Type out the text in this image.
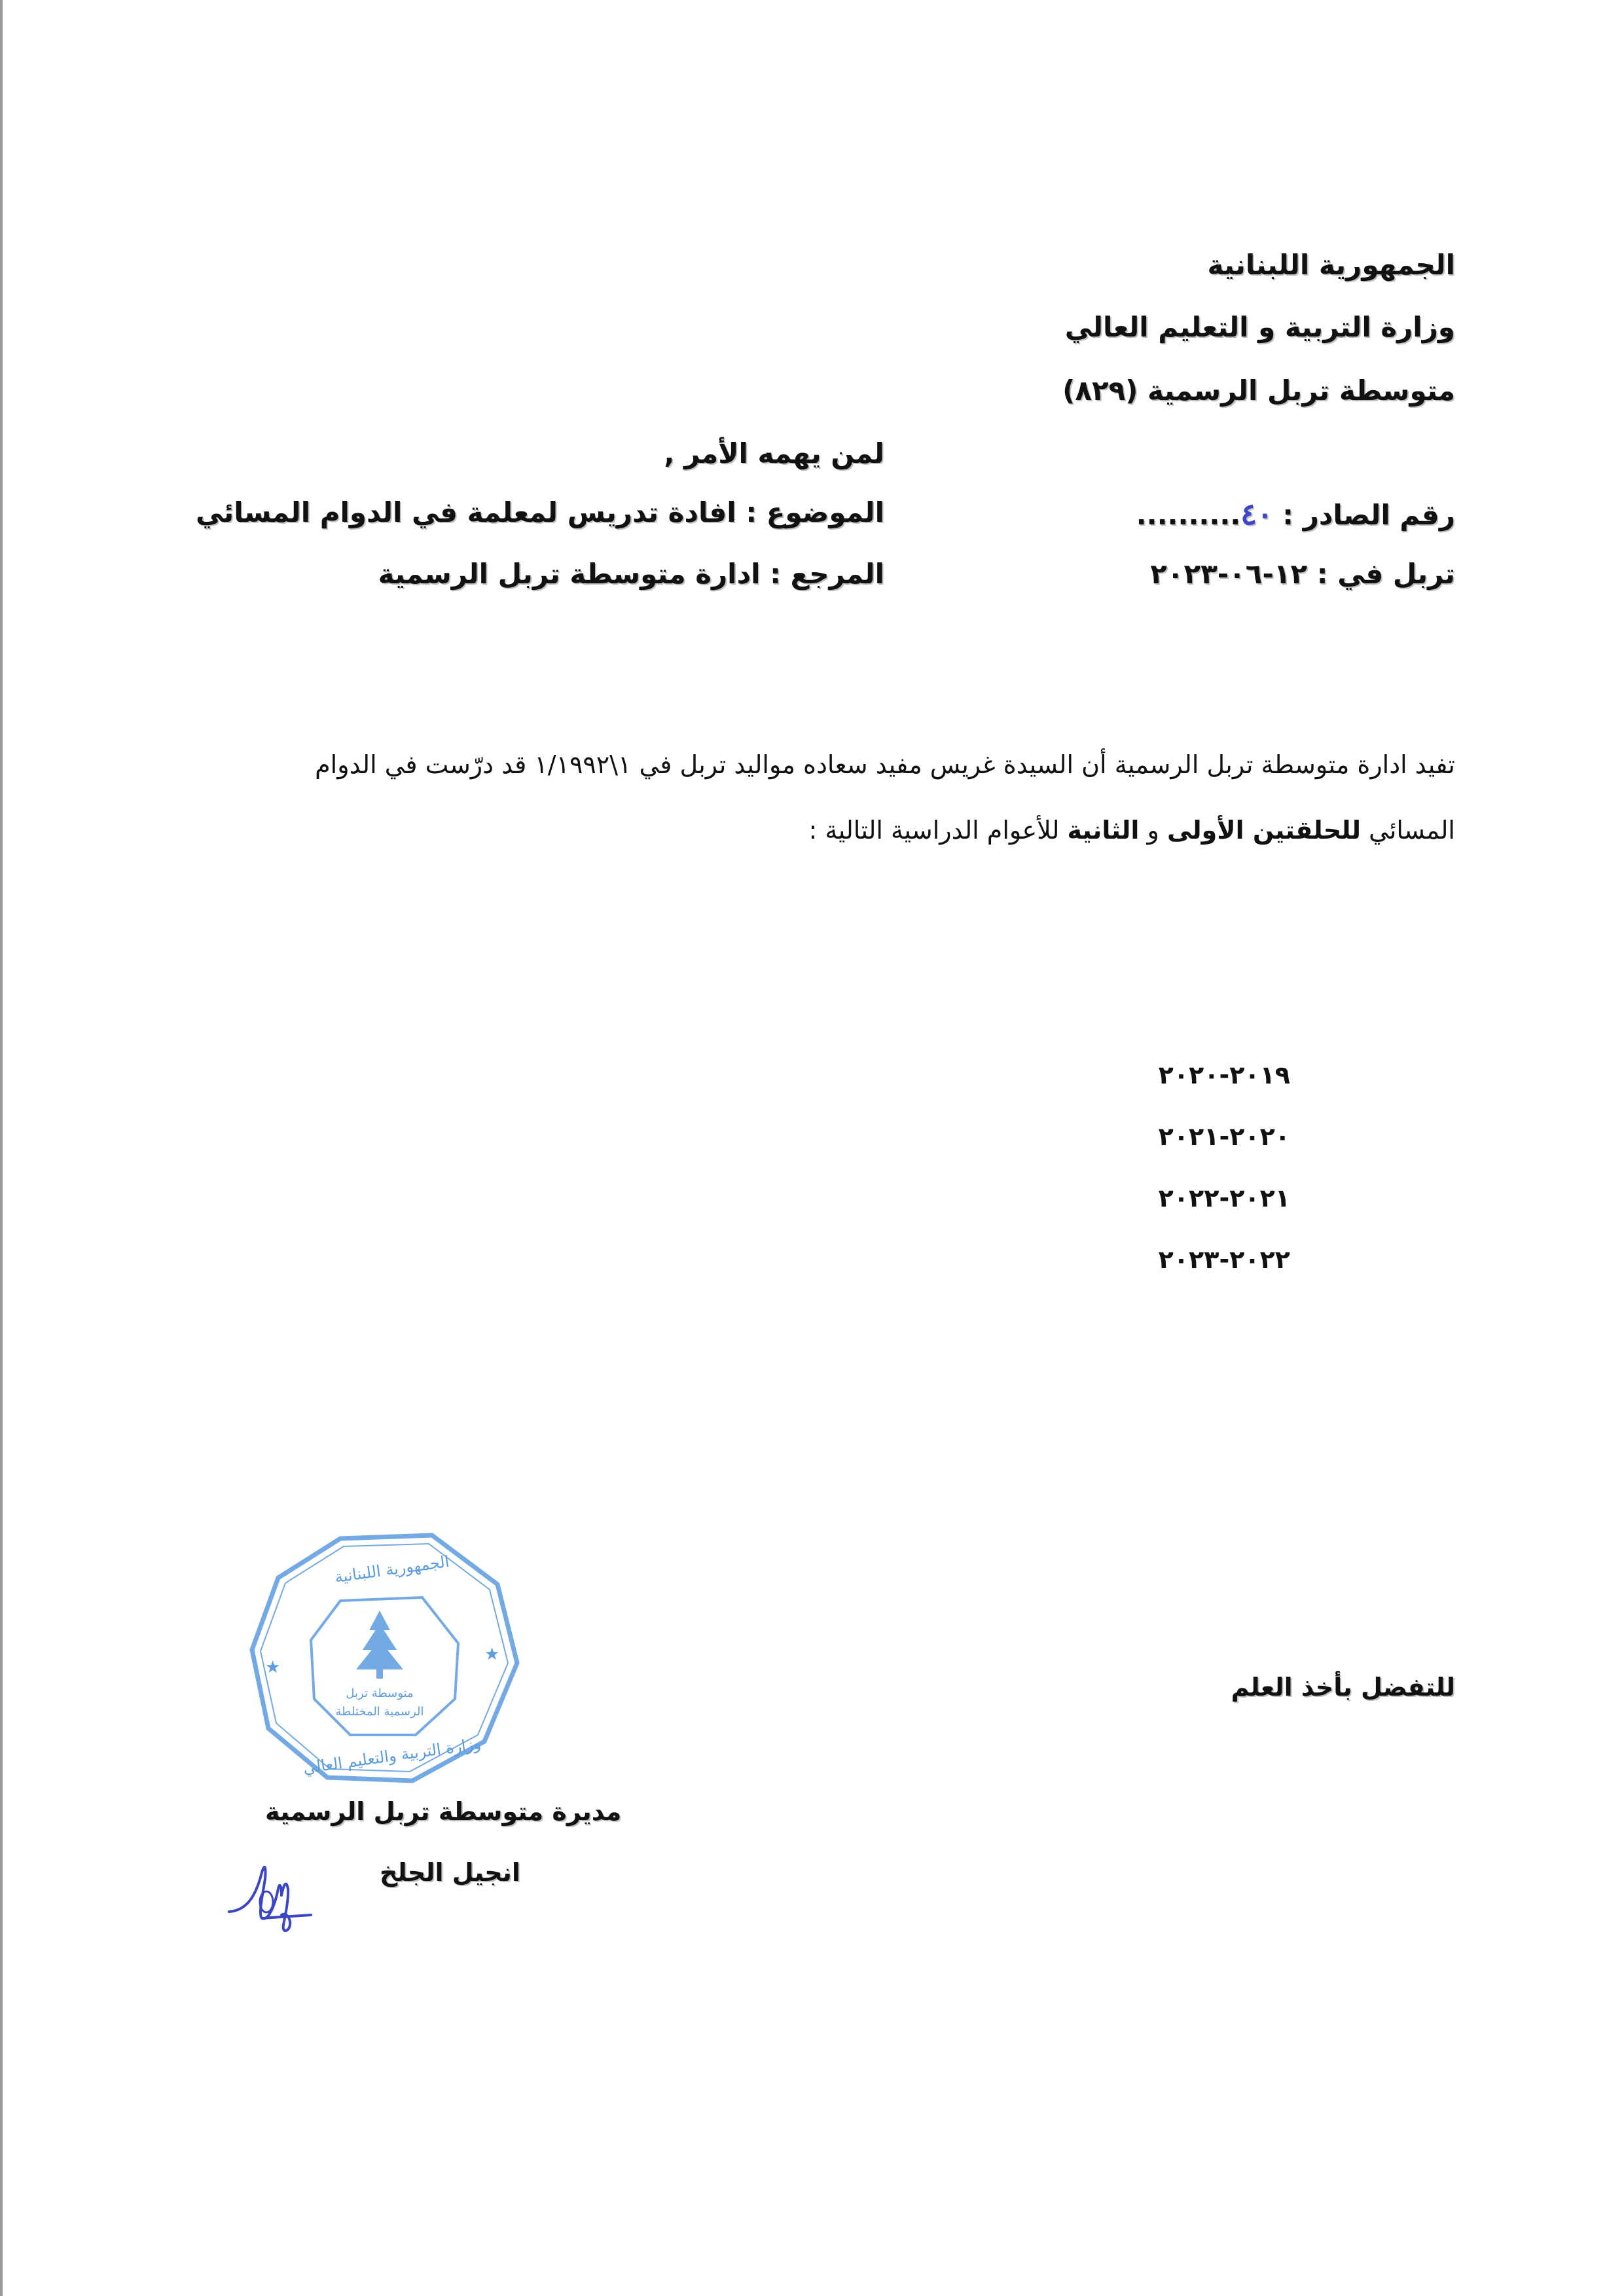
الجمهورية اللبنانية
وزارة التربية و التعليم العالي
متوسطة تربل الرسمية (٨٢٩)
لمن يهمه الأمر ,
رقم الصادر : ٤٠..........
تربل في : ١٢-٠٦-٢٠٢٣
الموضوع : افادة تدريس لمعلمة في الدوام المسائي
المرجع : ادارة متوسطة تربل الرسمية
تفيد ادارة متوسطة تربل الرسمية أن السيدة غريس مفيد سعاده مواليد تربل في ١\١/١٩٩٢ قد درّست في الدوام
المسائي للحلقتين الأولى و الثانية للأعوام الدراسية التالية :
٢٠١٩-٢٠٢٠
٢٠٢٠-٢٠٢١
٢٠٢١-٢٠٢٢
٢٠٢٢-٢٠٢٣
للتفضل بأخذ العلم
★
★
متوسطة تربل
الرسمية المختلطة
الجمهورية اللبنانية
وزارة التربية والتعليم العالي
مديرة متوسطة تربل الرسمية
انجيل الجلخ
